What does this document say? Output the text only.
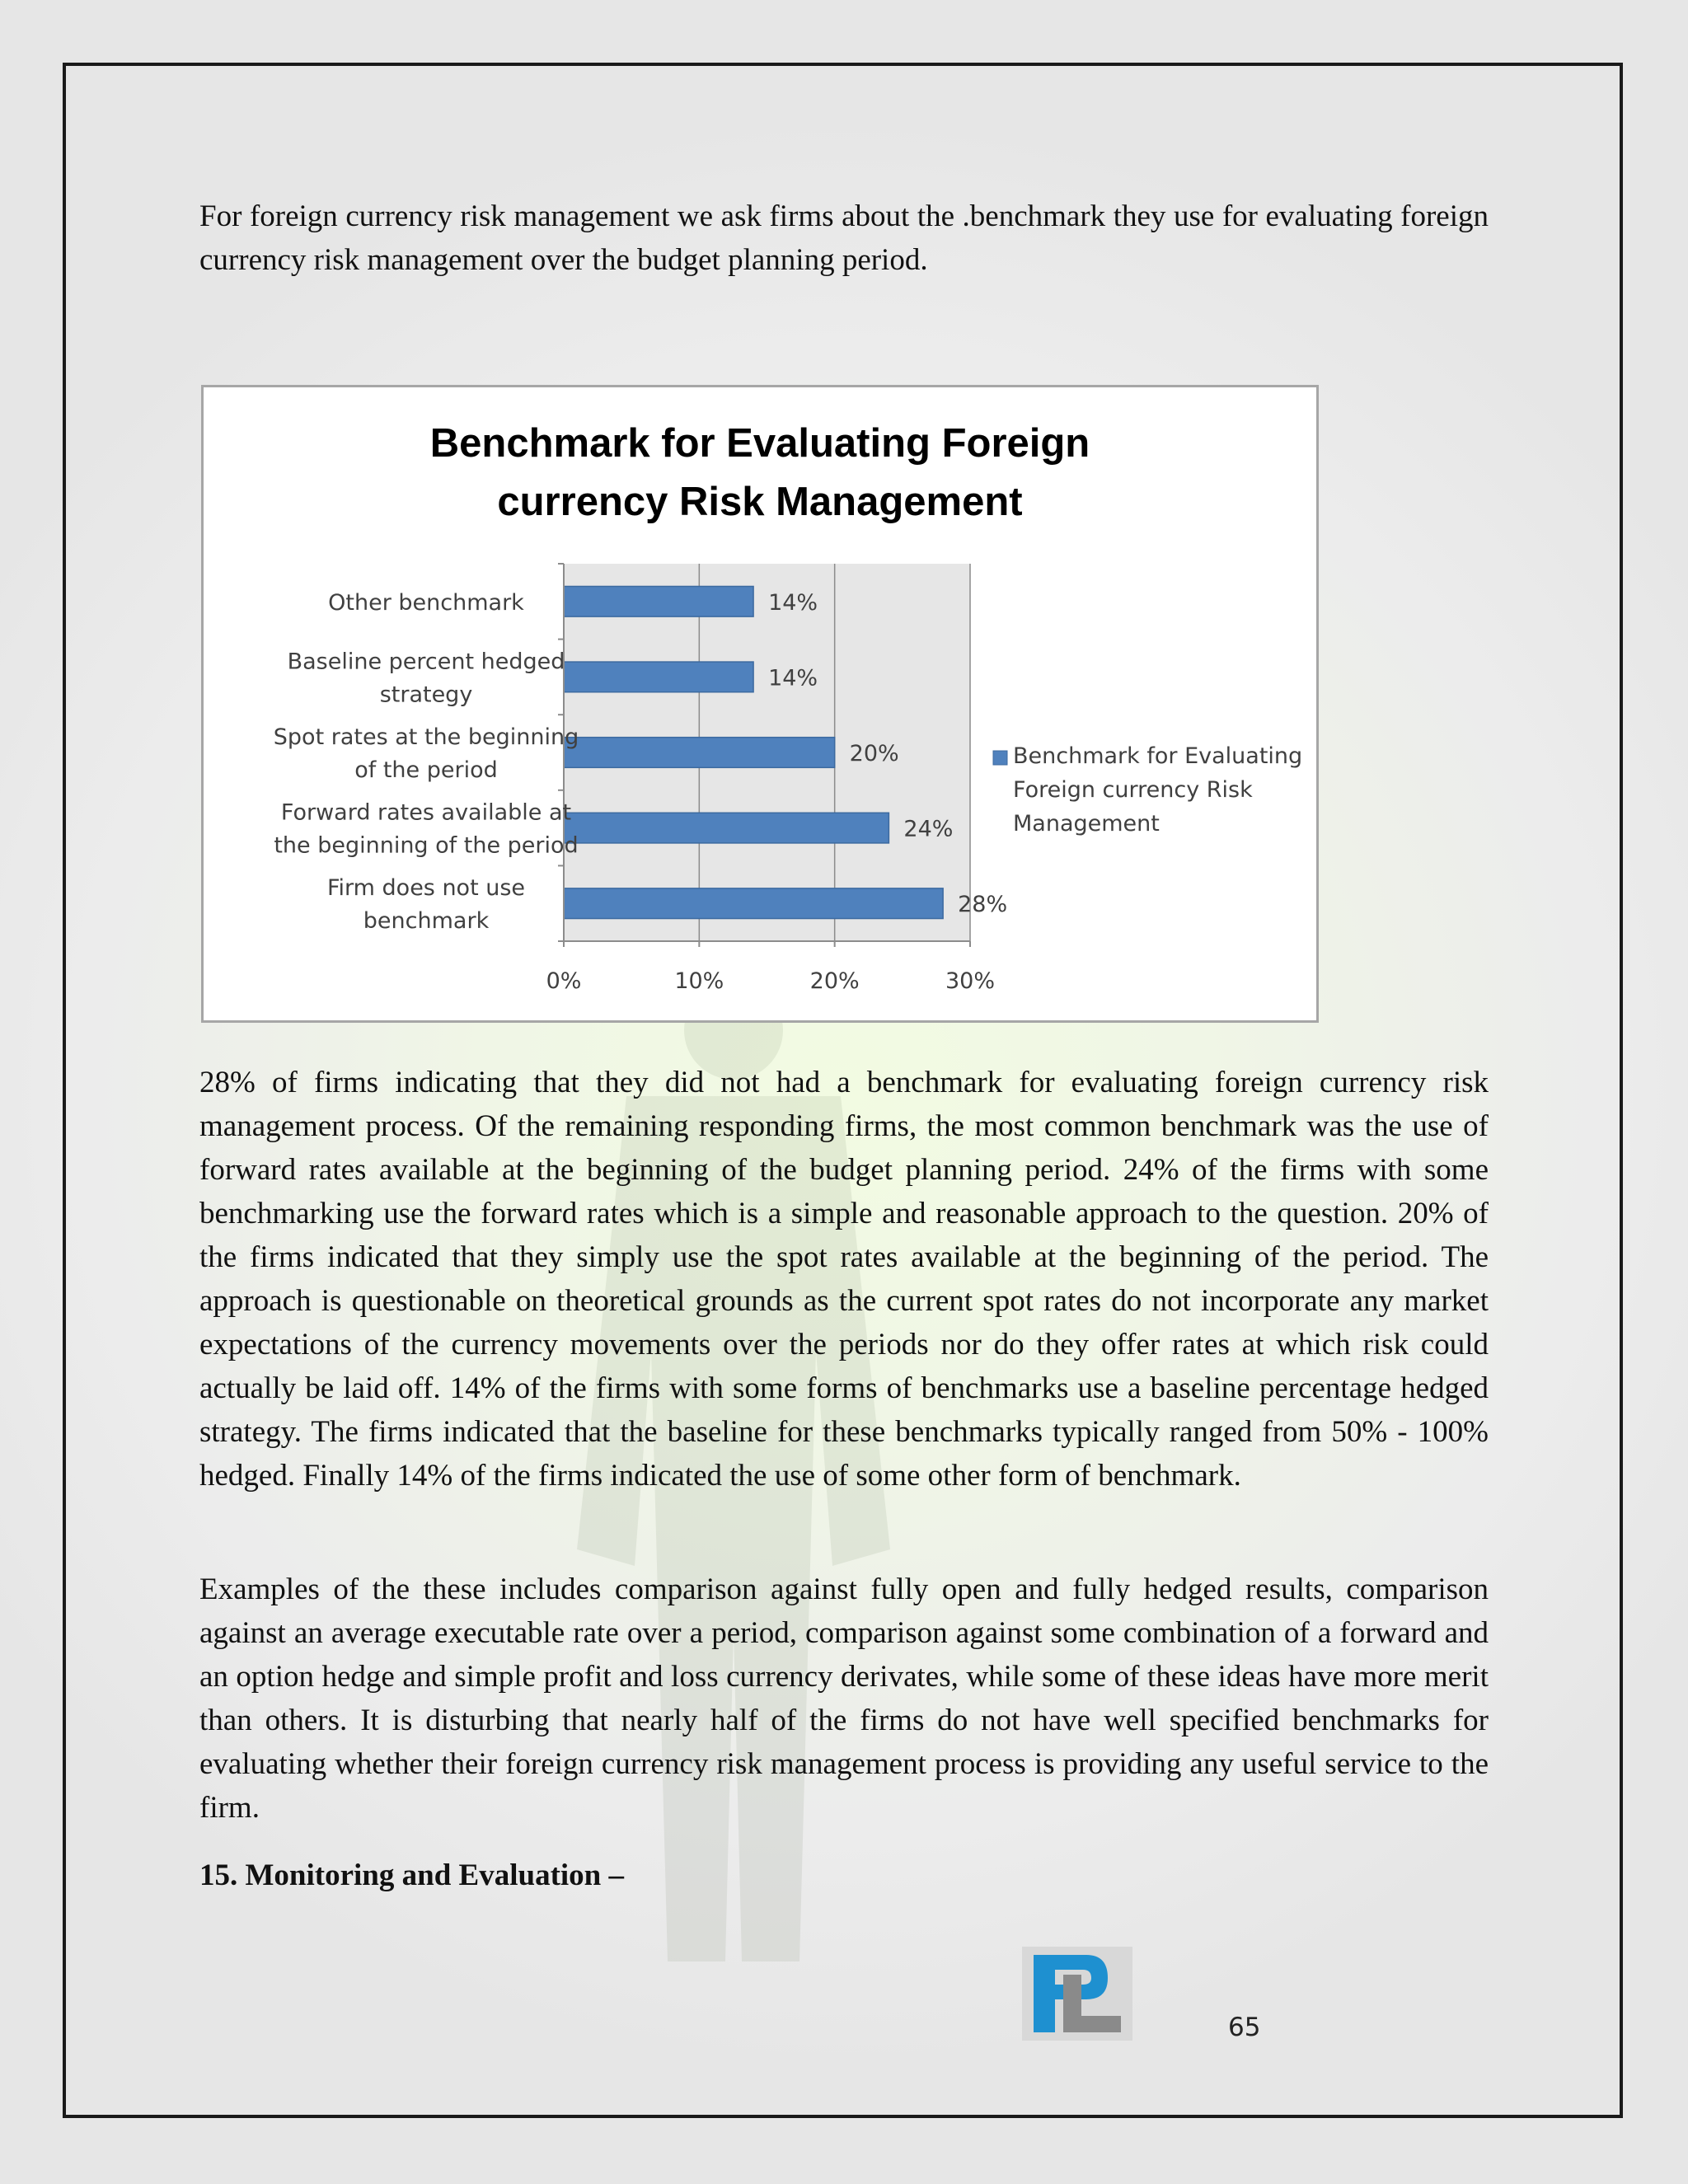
For foreign currency risk management we ask firms about the .benchmark they use for evaluating foreign currency risk management over the budget planning period.

0%	10%	20%	30%
Other benchmark
Baseline percent hedged
strategy
Spot rates at the beginning
of the period
Forward rates available at
the beginning of the period
Firm does not use
benchmark
14%
14%
20%
24%
28%
Benchmark for Evaluating Foreign
currency Risk Management
Benchmark for Evaluating
Foreign currency Risk
Management

28% of firms indicating that they did not had a benchmark for evaluating foreign currency risk management process. Of the remaining responding firms, the most common benchmark was the use of forward rates available at the beginning of the budget planning period. 24% of the firms with some benchmarking use the forward rates which is a simple and reasonable approach to the question. 20% of the firms indicated that they simply use the spot rates available at the beginning of the period. The approach is questionable on theoretical grounds as the current spot rates do not incorporate any market expectations of the currency movements over the periods nor do they offer rates at which risk could actually be laid off. 14% of the firms with some forms of benchmarks use a baseline percentage hedged strategy. The firms indicated that the baseline for these benchmarks typically ranged from 50% - 100% hedged. Finally 14% of the firms indicated the use of some other form of benchmark.

Examples of the these includes comparison against fully open and fully hedged results, comparison against an average executable rate over a period, comparison against some combination of a forward and an option hedge and simple profit and loss currency derivates, while some of these ideas have more merit than others. It is disturbing that nearly half of the firms do not have well specified benchmarks for evaluating whether their foreign currency risk management process is providing any useful service to the firm.

15. Monitoring and Evaluation –
65
